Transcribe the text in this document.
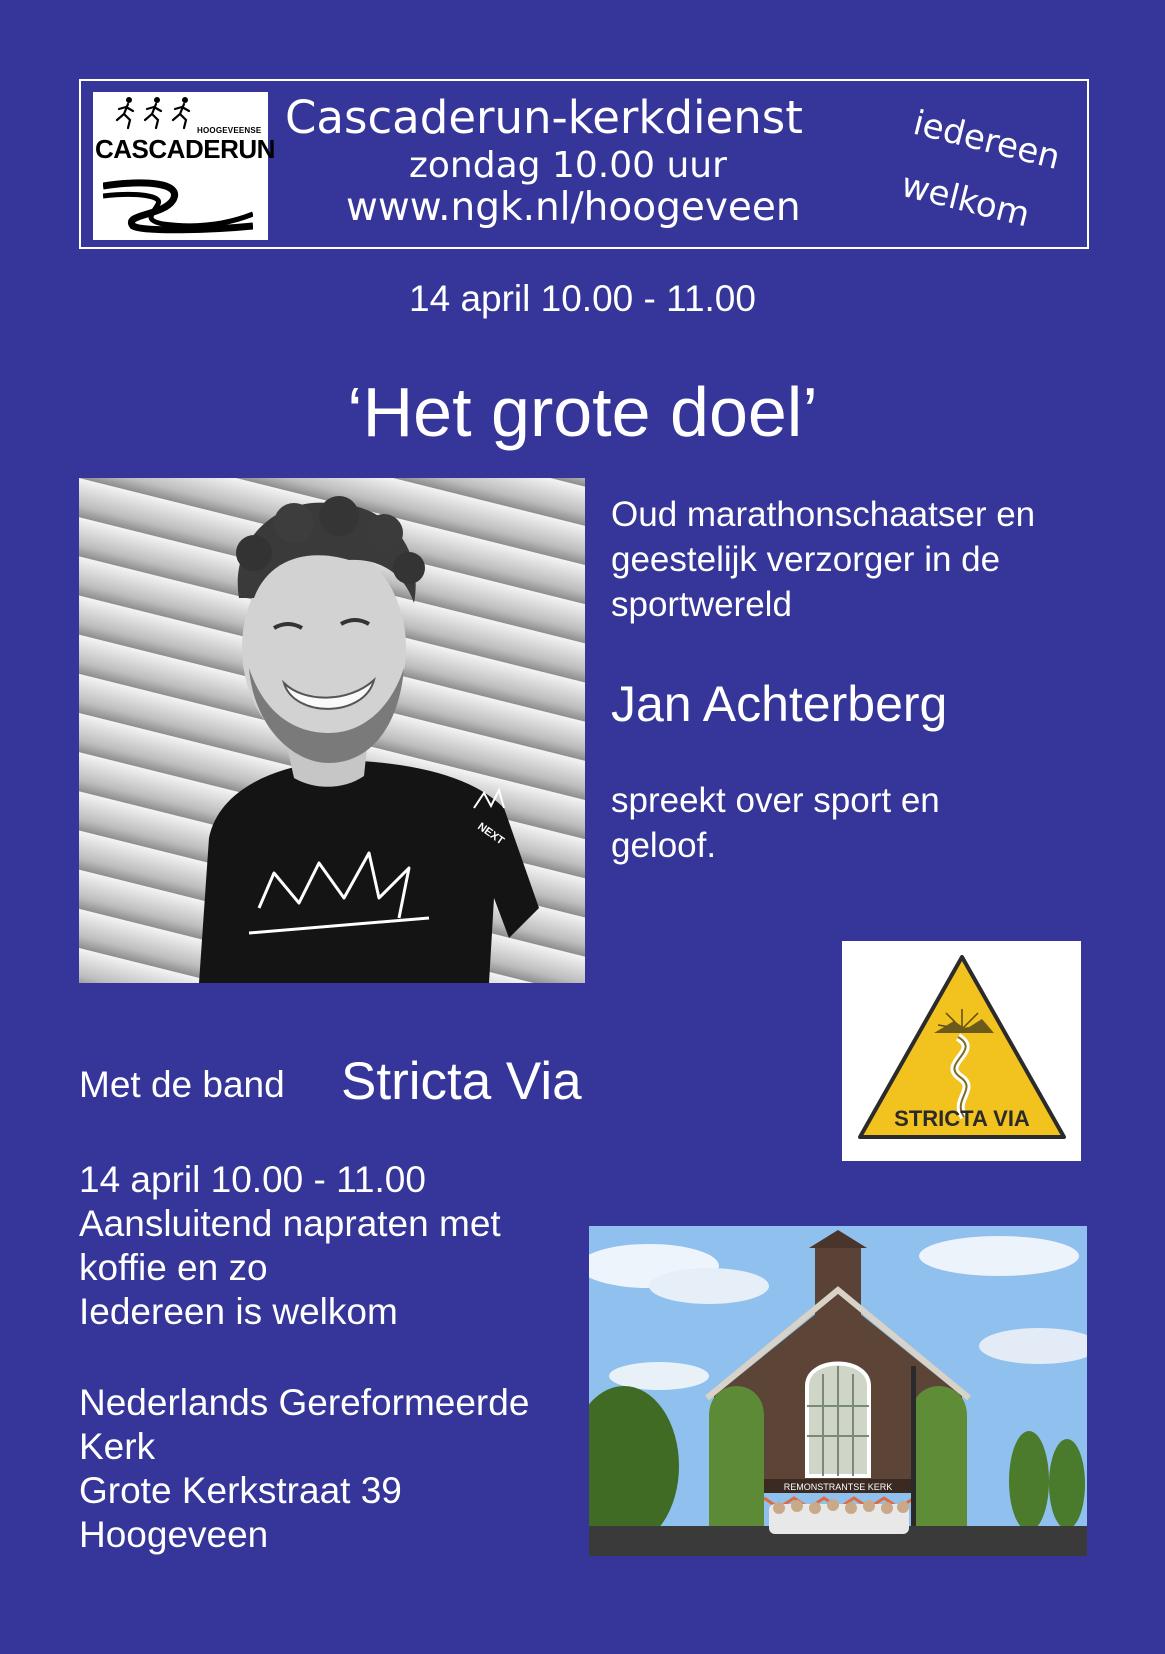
HOOGEVEENSE
CASCADERUN
Cascaderun-kerkdienst
zondag 10.00 uur
www.ngk.nl/hoogeveen
iedereen
welkom
14 april 10.00 - 11.00
‘Het grote doel’
NEXT
Oud marathonschaatser en
geestelijk verzorger in de
sportwereld
Jan Achterberg
spreekt over sport en
geloof.
STRICTA VIA
Met de band Stricta Via
14 april 10.00 - 11.00
Aansluitend napraten met
koffie en zo
Iedereen is welkom
Nederlands Gereformeerde
Kerk
Grote Kerkstraat 39
Hoogeveen
REMONSTRANTSE KERK
